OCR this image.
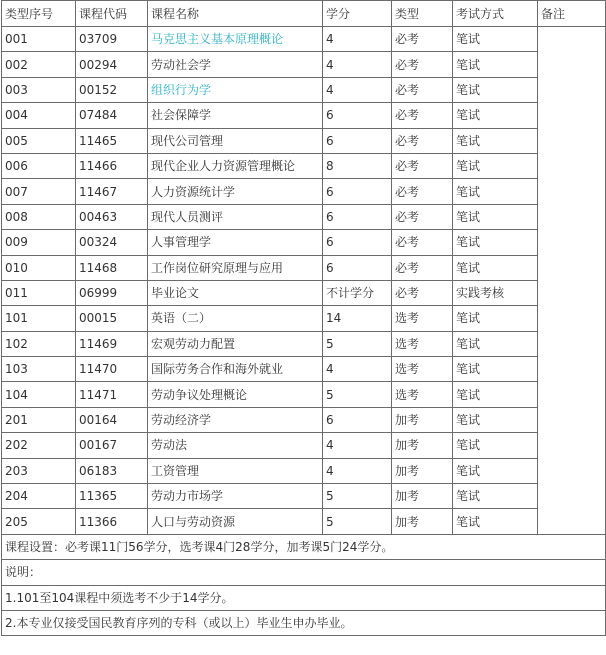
类型序号	课程代码	课程名称	学分	类型	考试方式	备注
001	03709	马克思主义基本原理概论	4	必考	笔试	
002	00294	劳动社会学	4	必考	笔试	
003	00152	组织行为学	4	必考	笔试	
004	07484	社会保障学	6	必考	笔试	
005	11465	现代公司管理	6	必考	笔试	
006	11466	现代企业人力资源管理概论	8	必考	笔试	
007	11467	人力资源统计学	6	必考	笔试	
008	00463	现代人员测评	6	必考	笔试	
009	00324	人事管理学	6	必考	笔试	
010	11468	工作岗位研究原理与应用	6	必考	笔试	
011	06999	毕业论文	不计学分	必考	实践考核	
101	00015	英语（二）	14	选考	笔试	
102	11469	宏观劳动力配置	5	选考	笔试	
103	11470	国际劳务合作和海外就业	4	选考	笔试	
104	11471	劳动争议处理概论	5	选考	笔试	
201	00164	劳动经济学	6	加考	笔试	
202	00167	劳动法	4	加考	笔试	
203	06183	工资管理	4	加考	笔试	
204	11365	劳动力市场学	5	加考	笔试	
205	11366	人口与劳动资源	5	加考	笔试	
课程设置：必考课11门56学分，选考课4门28学分，加考课5门24学分。						
说明：						
1.101至104课程中须选考不少于14学分。						
2.本专业仅接受国民教育序列的专科（或以上）毕业生申办毕业。						
